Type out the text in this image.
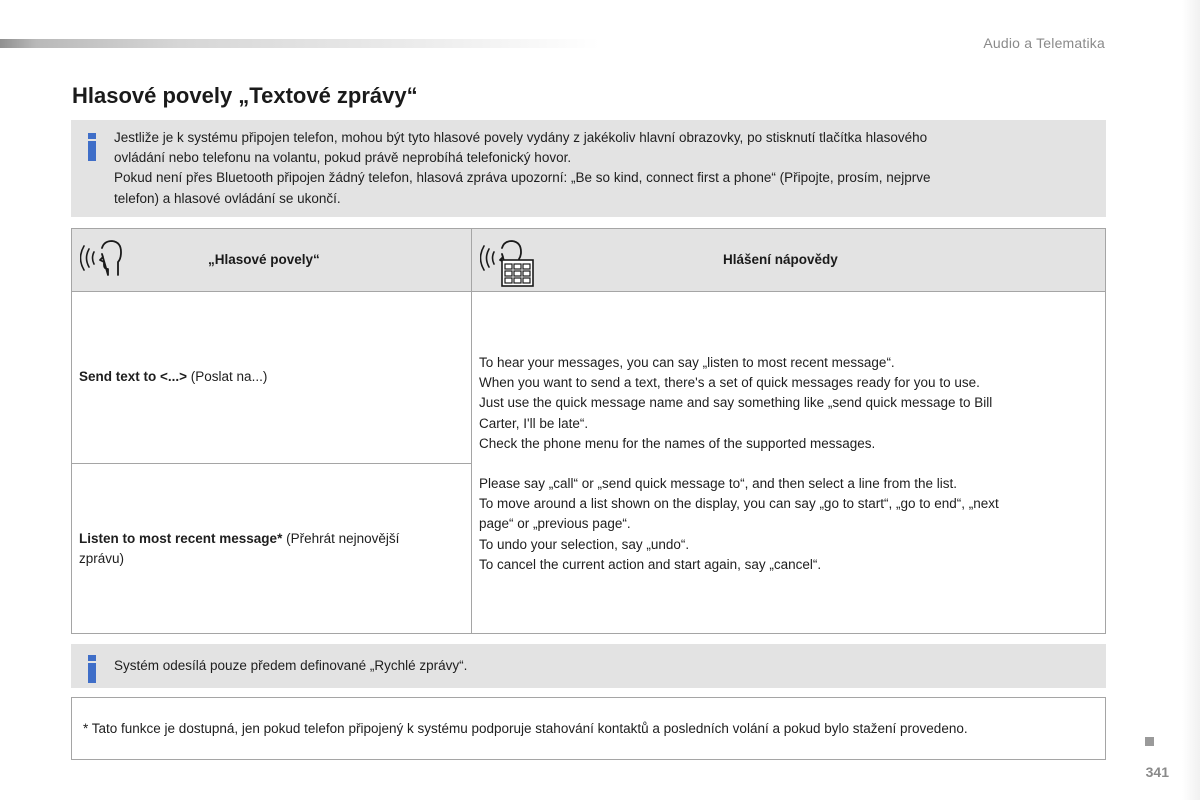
Audio a Telematika
Hlasové povely „Textové zprávy“
Jestliže je k systému připojen telefon, mohou být tyto hlasové povely vydány z jakékoliv hlavní obrazovky, po stisknutí tlačítka hlasového
ovládání nebo telefonu na volantu, pokud právě neprobíhá telefonický hovor.
Pokud není přes Bluetooth připojen žádný telefon, hlasová zpráva upozorní: „Be so kind, connect first a phone“ (Připojte, prosím, nejprve
telefon) a hlasové ovládání se ukončí.
„Hlasové povely“	Hlášení nápovědy
Send text to <...> (Poslat na...)
Listen to most recent message* (Přehrát nejnovější
zprávu)
To hear your messages, you can say „listen to most recent message“.
When you want to send a text, there's a set of quick messages ready for you to use.
Just use the quick message name and say something like „send quick message to Bill
Carter, I'll be late“.
Check the phone menu for the names of the supported messages.
Please say „call“ or „send quick message to“, and then select a line from the list.
To move around a list shown on the display, you can say „go to start“, „go to end“, „next
page“ or „previous page“.
To undo your selection, say „undo“.
To cancel the current action and start again, say „cancel“.
Systém odesílá pouze předem definované „Rychlé zprávy“.
* Tato funkce je dostupná, jen pokud telefon připojený k systému podporuje stahování kontaktů a posledních volání a pokud bylo stažení provedeno.
341
